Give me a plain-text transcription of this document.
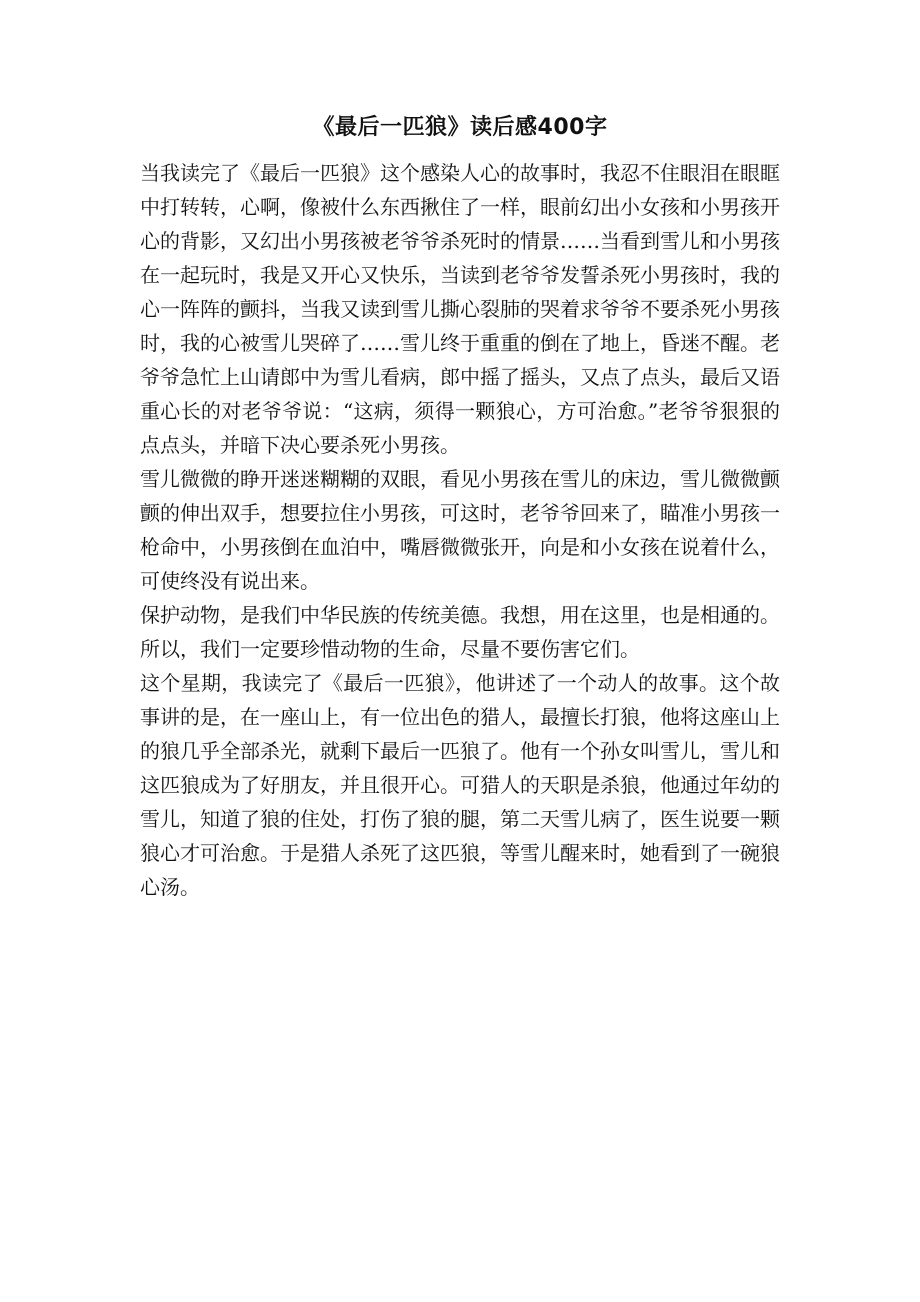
《最后一匹狼》读后感400字

当我读完了《最后一匹狼》这个感染人心的故事时，我忍不住眼泪在眼眶中打转转，心啊，像被什么东西揪住了一样，眼前幻出小女孩和小男孩开心的背影，又幻出小男孩被老爷爷杀死时的情景……当看到雪儿和小男孩在一起玩时，我是又开心又快乐，当读到老爷爷发誓杀死小男孩时，我的心一阵阵的颤抖，当我又读到雪儿撕心裂肺的哭着求爷爷不要杀死小男孩时，我的心被雪儿哭碎了……雪儿终于重重的倒在了地上，昏迷不醒。老爷爷急忙上山请郎中为雪儿看病，郎中摇了摇头，又点了点头，最后又语重心长的对老爷爷说：“这病，须得一颗狼心，方可治愈。”老爷爷狠狠的点点头，并暗下决心要杀死小男孩。

雪儿微微的睁开迷迷糊糊的双眼，看见小男孩在雪儿的床边，雪儿微微颤颤的伸出双手，想要拉住小男孩，可这时，老爷爷回来了，瞄准小男孩一枪命中，小男孩倒在血泊中，嘴唇微微张开，向是和小女孩在说着什么，可使终没有说出来。

保护动物，是我们中华民族的传统美德。我想，用在这里，也是相通的。所以，我们一定要珍惜动物的生命，尽量不要伤害它们。

这个星期，我读完了《最后一匹狼》，他讲述了一个动人的故事。这个故事讲的是，在一座山上，有一位出色的猎人，最擅长打狼，他将这座山上的狼几乎全部杀光，就剩下最后一匹狼了。他有一个孙女叫雪儿，雪儿和这匹狼成为了好朋友，并且很开心。可猎人的天职是杀狼，他通过年幼的雪儿，知道了狼的住处，打伤了狼的腿，第二天雪儿病了，医生说要一颗狼心才可治愈。于是猎人杀死了这匹狼，等雪儿醒来时，她看到了一碗狼心汤。
